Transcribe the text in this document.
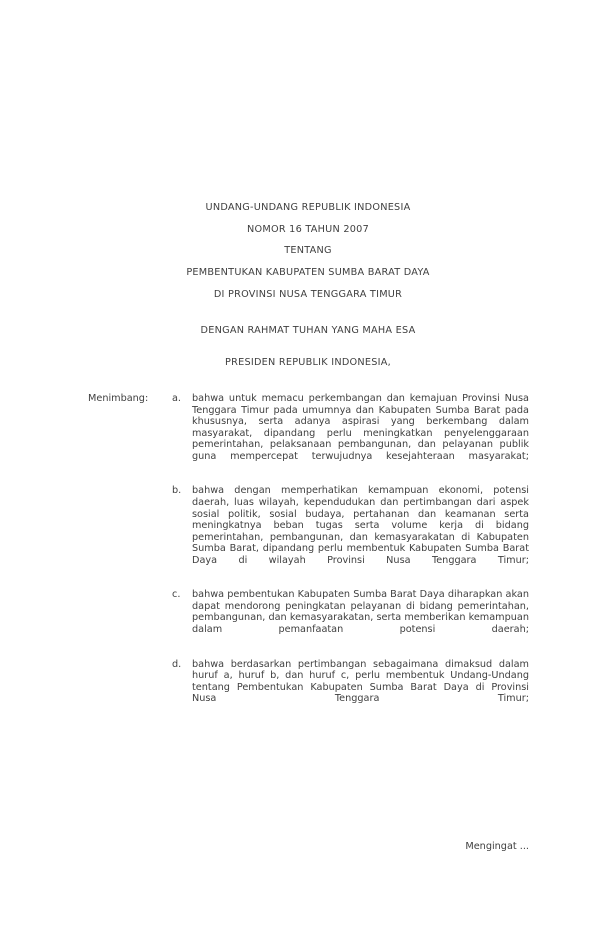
UNDANG-UNDANG REPUBLIK INDONESIA
NOMOR 16 TAHUN 2007
TENTANG
PEMBENTUKAN KABUPATEN SUMBA BARAT DAYA
DI PROVINSI NUSA TENGGARA TIMUR
DENGAN RAHMAT TUHAN YANG MAHA ESA
PRESIDEN REPUBLIK INDONESIA,
Menimbang:	a.	bahwa untuk memacu perkembangan dan kemajuan Provinsi Nusa Tenggara Timur pada umumnya dan Kabupaten Sumba Barat pada khususnya, serta adanya aspirasi yang berkembang dalam masyarakat, dipandang perlu meningkatkan penyelenggaraan pemerintahan, pelaksanaan pembangunan, dan pelayanan publik guna mempercepat terwujudnya kesejahteraan masyarakat;
b.	bahwa dengan memperhatikan kemampuan ekonomi, potensi daerah, luas wilayah, kependudukan dan pertimbangan dari aspek sosial politik, sosial budaya, pertahanan dan keamanan serta meningkatnya beban tugas serta volume kerja di bidang pemerintahan, pembangunan, dan kemasyarakatan di Kabupaten Sumba Barat, dipandang perlu membentuk Kabupaten Sumba Barat Daya di wilayah Provinsi Nusa Tenggara Timur;
c.	bahwa pembentukan Kabupaten Sumba Barat Daya diharapkan akan dapat mendorong peningkatan pelayanan di bidang pemerintahan, pembangunan, dan kemasyarakatan, serta memberikan kemampuan dalam pemanfaatan potensi daerah;
d.	bahwa berdasarkan pertimbangan sebagaimana dimaksud dalam huruf a, huruf b, dan huruf c, perlu membentuk Undang-Undang tentang Pembentukan Kabupaten Sumba Barat Daya di Provinsi Nusa Tenggara Timur;
Mengingat ...
